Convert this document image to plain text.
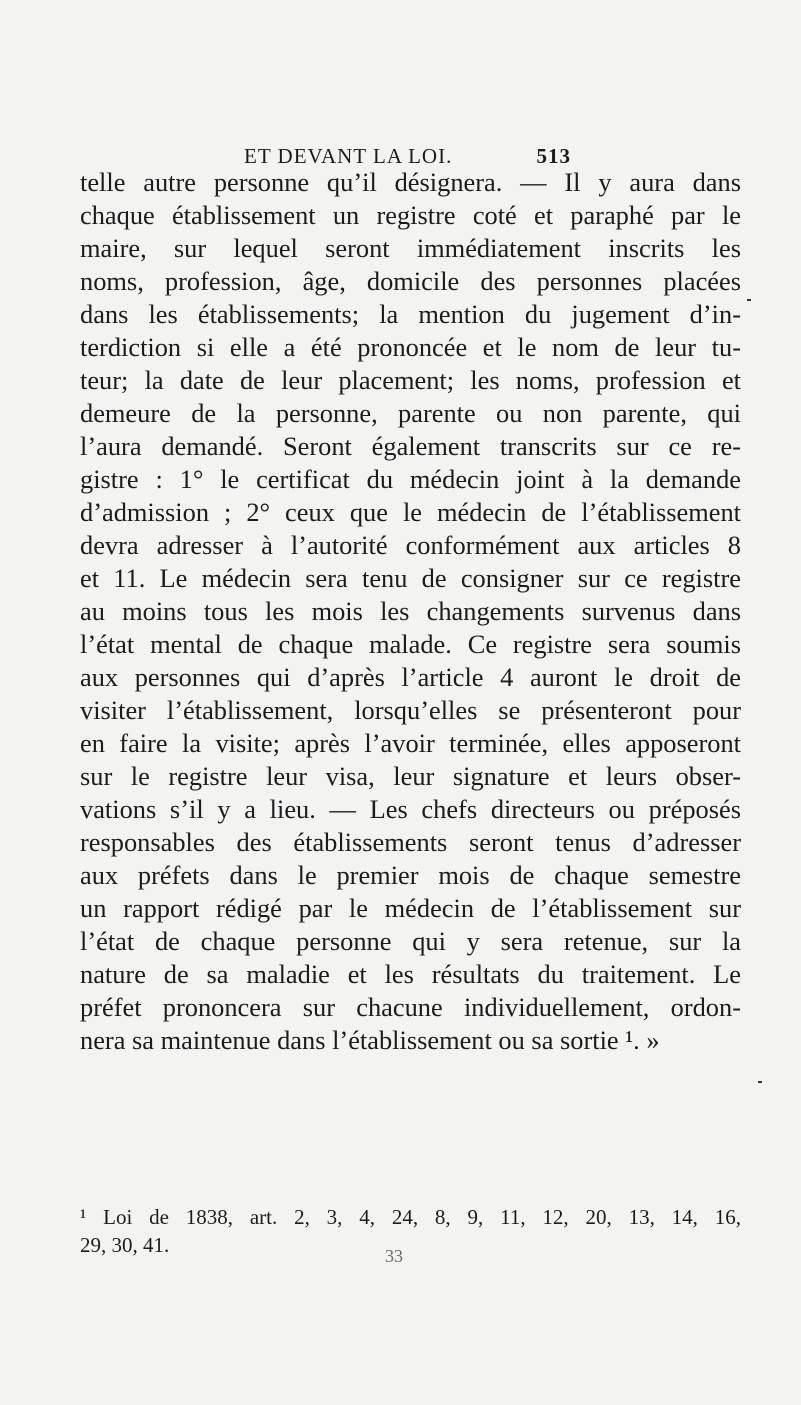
ET DEVANT LA LOI.	513
telle autre personne qu’il désignera. — Il y aura dans
chaque établissement un registre coté et paraphé par le
maire, sur lequel seront immédiatement inscrits les
noms, profession, âge, domicile des personnes placées
dans les établissements; la mention du jugement d’in-
terdiction si elle a été prononcée et le nom de leur tu-
teur; la date de leur placement; les noms, profession et
demeure de la personne, parente ou non parente, qui
l’aura demandé. Seront également transcrits sur ce re-
gistre : 1° le certificat du médecin joint à la demande
d’admission ; 2° ceux que le médecin de l’établissement
devra adresser à l’autorité conformément aux articles 8
et 11. Le médecin sera tenu de consigner sur ce registre
au moins tous les mois les changements survenus dans
l’état mental de chaque malade. Ce registre sera soumis
aux personnes qui d’après l’article 4 auront le droit de
visiter l’établissement, lorsqu’elles se présenteront pour
en faire la visite; après l’avoir terminée, elles apposeront
sur le registre leur visa, leur signature et leurs obser-
vations s’il y a lieu. — Les chefs directeurs ou préposés
responsables des établissements seront tenus d’adresser
aux préfets dans le premier mois de chaque semestre
un rapport rédigé par le médecin de l’établissement sur
l’état de chaque personne qui y sera retenue, sur la
nature de sa maladie et les résultats du traitement. Le
préfet prononcera sur chacune individuellement, ordon-
nera sa maintenue dans l’établissement ou sa sortie ¹. »
¹ Loi de 1838, art. 2, 3, 4, 24, 8, 9, 11, 12, 20, 13, 14, 16,
29, 30, 41.	33
